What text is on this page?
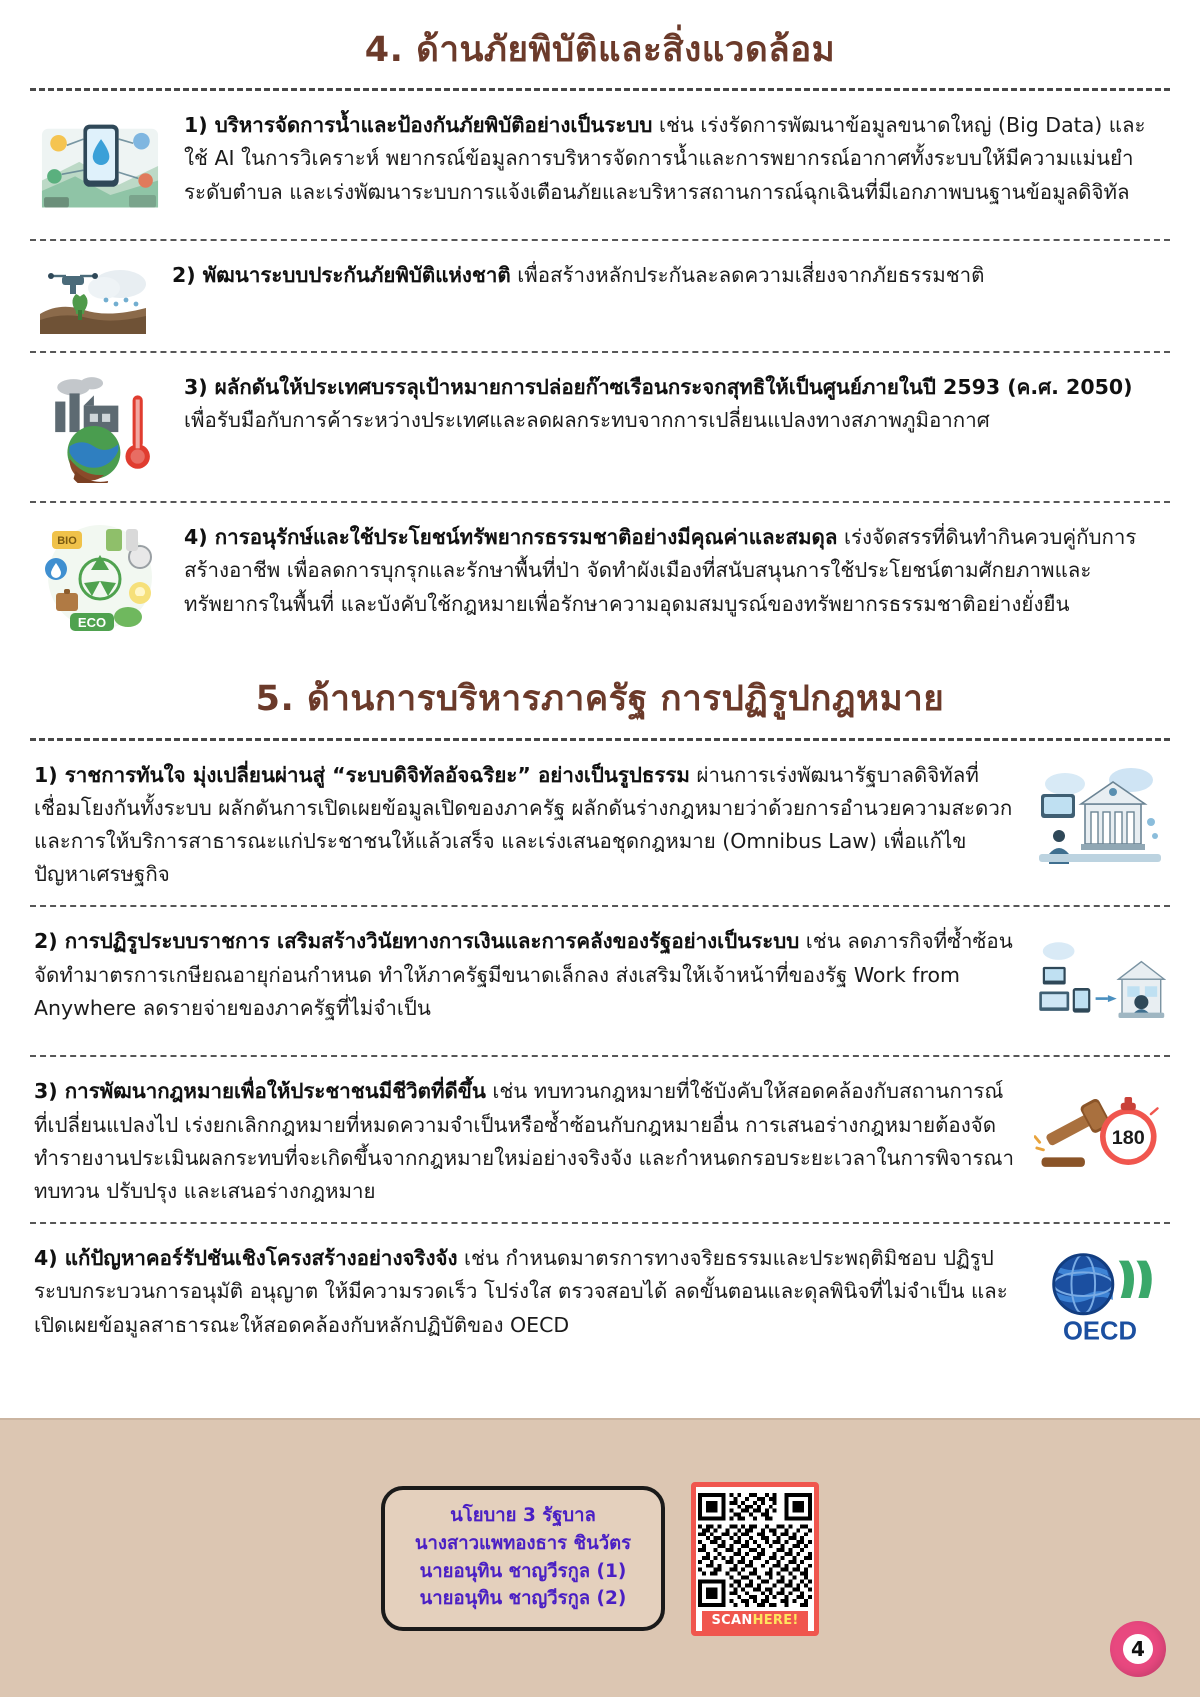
4. ด้านภัยพิบัติและสิ่งแวดล้อม
1) บริหารจัดการน้ำและป้องกันภัยพิบัติอย่างเป็นระบบ เช่น เร่งรัดการพัฒนาข้อมูลขนาดใหญ่ (Big Data) และใช้ AI ในการวิเคราะห์ พยากรณ์ข้อมูลการบริหารจัดการน้ำและการพยากรณ์อากาศทั้งระบบให้มีความแม่นยำระดับตำบล และเร่งพัฒนาระบบการแจ้งเตือนภัยและบริหารสถานการณ์ฉุกเฉินที่มีเอกภาพบนฐานข้อมูลดิจิทัล
2) พัฒนาระบบประกันภัยพิบัติแห่งชาติ เพื่อสร้างหลักประกันละลดความเสี่ยงจากภัยธรรมชาติ
3) ผลักดันให้ประเทศบรรลุเป้าหมายการปล่อยก๊าซเรือนกระจกสุทธิให้เป็นศูนย์ภายในปี 2593 (ค.ศ. 2050) เพื่อรับมือกับการค้าระหว่างประเทศและลดผลกระทบจากการเปลี่ยนแปลงทางสภาพภูมิอากาศ
BIO
ECO
4) การอนุรักษ์และใช้ประโยชน์ทรัพยากรธรรมชาติอย่างมีคุณค่าและสมดุล เร่งจัดสรรที่ดินทำกินควบคู่กับการสร้างอาชีพ เพื่อลดการบุกรุกและรักษาพื้นที่ป่า จัดทำผังเมืองที่สนับสนุนการใช้ประโยชน์ตามศักยภาพและทรัพยากรในพื้นที่ และบังคับใช้กฎหมายเพื่อรักษาความอุดมสมบูรณ์ของทรัพยากรธรรมชาติอย่างยั่งยืน
5. ด้านการบริหารภาครัฐ การปฏิรูปกฎหมาย
1) ราชการทันใจ มุ่งเปลี่ยนผ่านสู่ “ระบบดิจิทัลอัจฉริยะ” อย่างเป็นรูปธรรม ผ่านการเร่งพัฒนารัฐบาลดิจิทัลที่เชื่อมโยงกันทั้งระบบ ผลักดันการเปิดเผยข้อมูลเปิดของภาครัฐ ผลักดันร่างกฎหมายว่าด้วยการอำนวยความสะดวกและการให้บริการสาธารณะแก่ประชาชนให้แล้วเสร็จ และเร่งเสนอชุดกฎหมาย (Omnibus Law) เพื่อแก้ไขปัญหาเศรษฐกิจ
2) การปฏิรูประบบราชการ เสริมสร้างวินัยทางการเงินและการคลังของรัฐอย่างเป็นระบบ เช่น ลดภารกิจที่ซ้ำซ้อน จัดทำมาตรการเกษียณอายุก่อนกำหนด ทำให้ภาครัฐมีขนาดเล็กลง ส่งเสริมให้เจ้าหน้าที่ของรัฐ Work from Anywhere ลดรายจ่ายของภาครัฐที่ไม่จำเป็น
180
3) การพัฒนากฎหมายเพื่อให้ประชาชนมีชีวิตที่ดีขึ้น เช่น ทบทวนกฎหมายที่ใช้บังคับให้สอดคล้องกับสถานการณ์ที่เปลี่ยนแปลงไป เร่งยกเลิกกฎหมายที่หมดความจำเป็นหรือซ้ำซ้อนกับกฎหมายอื่น การเสนอร่างกฎหมายต้องจัดทำรายงานประเมินผลกระทบที่จะเกิดขึ้นจากกฎหมายใหม่อย่างจริงจัง และกำหนดกรอบระยะเวลาในการพิจารณาทบทวน ปรับปรุง และเสนอร่างกฎหมาย
OECD
4) แก้ปัญหาคอร์รัปชันเชิงโครงสร้างอย่างจริงจัง เช่น กำหนดมาตรการทางจริยธรรมและประพฤติมิชอบ ปฏิรูประบบกระบวนการอนุมัติ อนุญาต ให้มีความรวดเร็ว โปร่งใส ตรวจสอบได้ ลดขั้นตอนและดุลพินิจที่ไม่จำเป็น และเปิดเผยข้อมูลสาธารณะให้สอดคล้องกับหลักปฏิบัติของ OECD
นโยบาย 3 รัฐบาล
นางสาวแพทองธาร ชินวัตร
นายอนุทิน ชาญวีรกูล (1)
นายอนุทิน ชาญวีรกูล (2)
SCANHERE!
4
